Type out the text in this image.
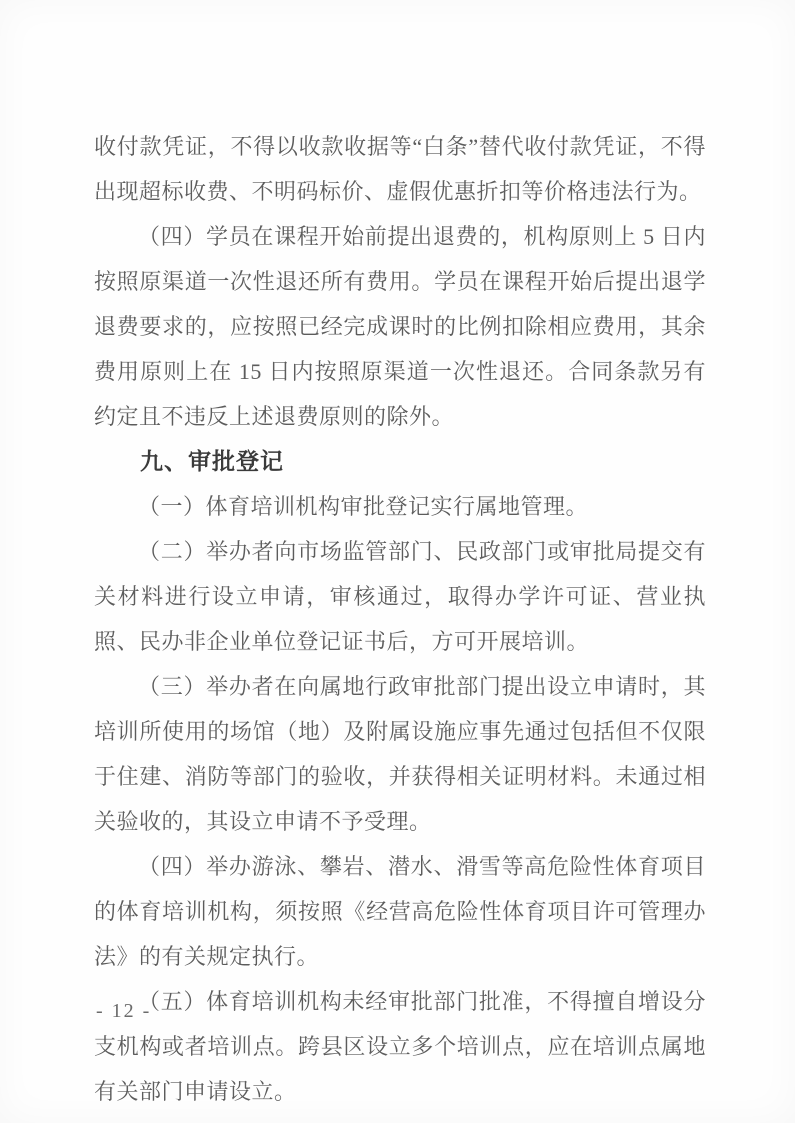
收付款凭证，不得以收款收据等“白条”替代收付款凭证，不得出现超标收费、不明码标价、虚假优惠折扣等价格违法行为。

（四）学员在课程开始前提出退费的，机构原则上 5 日内按照原渠道一次性退还所有费用。学员在课程开始后提出退学退费要求的，应按照已经完成课时的比例扣除相应费用，其余费用原则上在 15 日内按照原渠道一次性退还。合同条款另有约定且不违反上述退费原则的除外。

九、审批登记

（一）体育培训机构审批登记实行属地管理。

（二）举办者向市场监管部门、民政部门或审批局提交有关材料进行设立申请，审核通过，取得办学许可证、营业执照、民办非企业单位登记证书后，方可开展培训。

（三）举办者在向属地行政审批部门提出设立申请时，其培训所使用的场馆（地）及附属设施应事先通过包括但不仅限于住建、消防等部门的验收，并获得相关证明材料。未通过相关验收的，其设立申请不予受理。

（四）举办游泳、攀岩、潜水、滑雪等高危险性体育项目的体育培训机构，须按照《经营高危险性体育项目许可管理办法》的有关规定执行。

（五）体育培训机构未经审批部门批准，不得擅自增设分支机构或者培训点。跨县区设立多个培训点，应在培训点属地有关部门申请设立。

- 12 -
